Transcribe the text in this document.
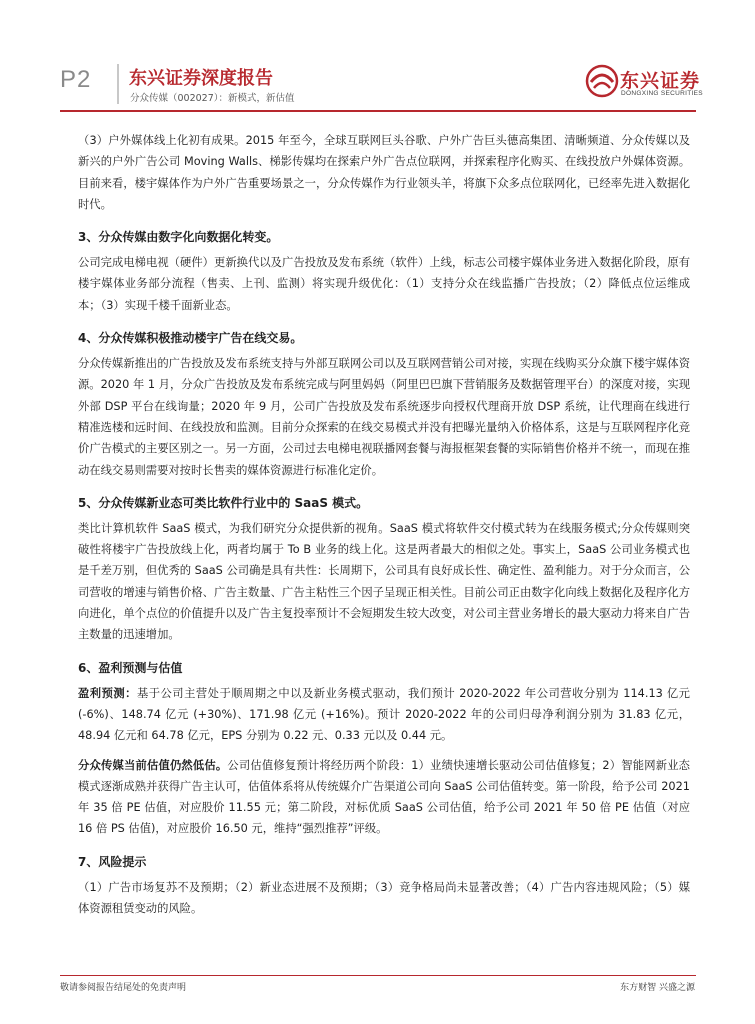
P2 东兴证券深度报告
分众传媒（002027）：新模式，新估值
东兴证券
DONGXING SECURITIES

（3）户外媒体线上化初有成果。2015 年至今，全球互联网巨头谷歌、户外广告巨头德高集团、清晰频道、分众传媒以及新兴的户外广告公司 Moving Walls、梯影传媒均在探索户外广告点位联网，并探索程序化购买、在线投放户外媒体资源。目前来看，楼宇媒体作为户外广告重要场景之一，分众传媒作为行业领头羊，将旗下众多点位联网化，已经率先进入数据化时代。

3、分众传媒由数字化向数据化转变。

公司完成电梯电视（硬件）更新换代以及广告投放及发布系统（软件）上线，标志公司楼宇媒体业务进入数据化阶段，原有楼宇媒体业务部分流程（售卖、上刊、监测）将实现升级优化：（1）支持分众在线监播广告投放；（2）降低点位运维成本；（3）实现千楼千面新业态。

4、分众传媒积极推动楼宇广告在线交易。

分众传媒新推出的广告投放及发布系统支持与外部互联网公司以及互联网营销公司对接，实现在线购买分众旗下楼宇媒体资源。2020 年 1 月，分众广告投放及发布系统完成与阿里妈妈（阿里巴巴旗下营销服务及数据管理平台）的深度对接，实现外部 DSP 平台在线询量；2020 年 9 月，公司广告投放及发布系统逐步向授权代理商开放 DSP 系统，让代理商在线进行精准选楼和远时间、在线投放和监测。目前分众探索的在线交易模式并没有把曝光量纳入价格体系，这是与互联网程序化竞价广告模式的主要区别之一。另一方面，公司过去电梯电视联播网套餐与海报框架套餐的实际销售价格并不统一，而现在推动在线交易则需要对按时长售卖的媒体资源进行标准化定价。

5、分众传媒新业态可类比软件行业中的 SaaS 模式。

类比计算机软件 SaaS 模式，为我们研究分众提供新的视角。SaaS 模式将软件交付模式转为在线服务模式;分众传媒则突破性将楼宇广告投放线上化，两者均属于 To B 业务的线上化。这是两者最大的相似之处。事实上，SaaS 公司业务模式也是千差万别，但优秀的 SaaS 公司确是具有共性：长周期下，公司具有良好成长性、确定性、盈利能力。对于分众而言，公司营收的增速与销售价格、广告主数量、广告主粘性三个因子呈现正相关性。目前公司正由数字化向线上数据化及程序化方向进化，单个点位的价值提升以及广告主复投率预计不会短期发生较大改变，对公司主营业务增长的最大驱动力将来自广告主数量的迅速增加。

6、盈利预测与估值

盈利预测：基于公司主营处于顺周期之中以及新业务模式驱动，我们预计 2020-2022 年公司营收分别为 114.13 亿元(-6%)、148.74 亿元 (+30%)、171.98 亿元 (+16%)。预计 2020-2022 年的公司归母净利润分别为 31.83 亿元，48.94 亿元和 64.78 亿元，EPS 分别为 0.22 元、0.33 元以及 0.44 元。

分众传媒当前估值仍然低估。公司估值修复预计将经历两个阶段：1）业绩快速增长驱动公司估值修复；2）智能网新业态模式逐渐成熟并获得广告主认可，估值体系将从传统媒介广告渠道公司向 SaaS 公司估值转变。第一阶段，给予公司 2021 年 35 倍 PE 估值，对应股价 11.55 元；第二阶段，对标优质 SaaS 公司估值，给予公司 2021 年 50 倍 PE 估值（对应 16 倍 PS 估值)，对应股价 16.50 元，维持“强烈推荐”评级。

7、风险提示

（1）广告市场复苏不及预期；（2）新业态进展不及预期；（3）竞争格局尚未显著改善；（4）广告内容违规风险；（5）媒体资源租赁变动的风险。

敬请参阅报告结尾处的免责声明	东方财智 兴盛之源
